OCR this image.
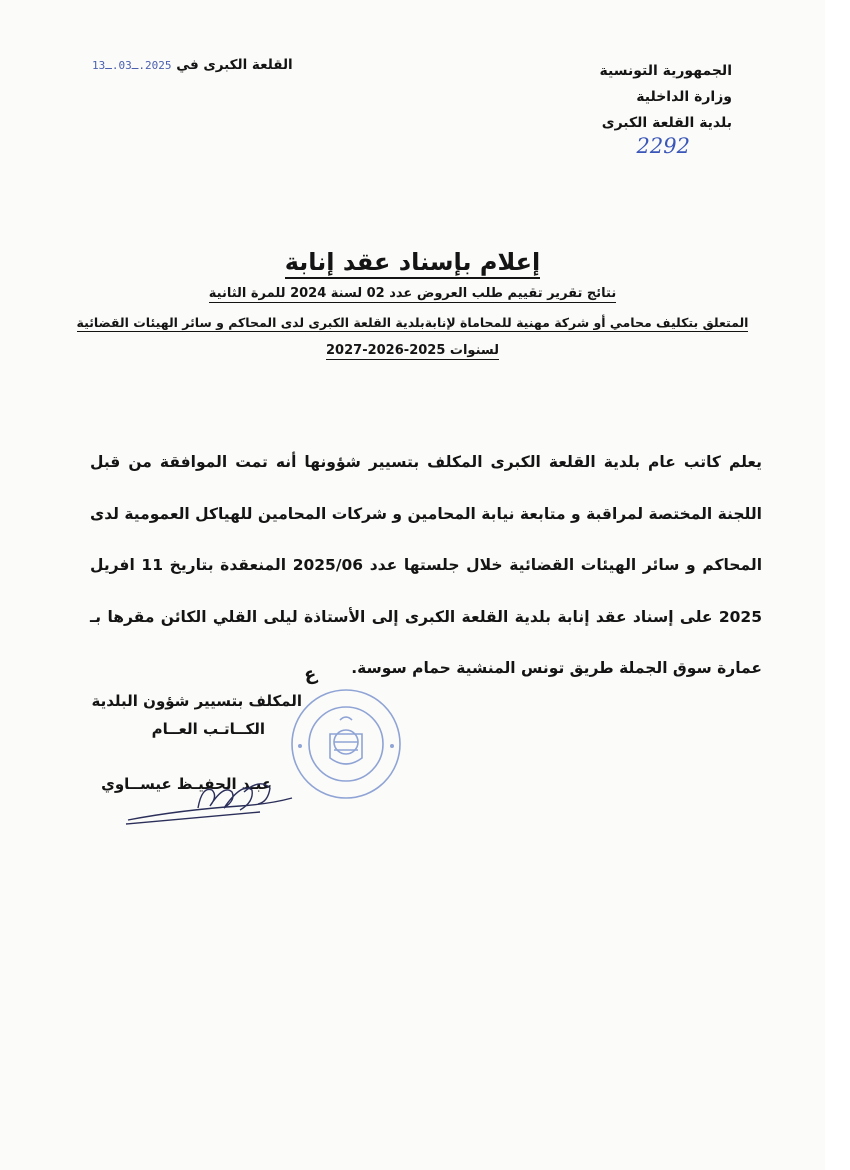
الجمهورية التونسية
وزارة الداخلية
بلدية القلعة الكبرى
2292
القلعة الكبرى في 2025.ـ03.ـ13
إعلام بإسناد عقد إنابة
نتائج تقرير تقييم طلب العروض عدد 02 لسنة 2024 للمرة الثانية
المتعلق بتكليف محامي أو شركة مهنية للمحاماة لإنابةبلدية القلعة الكبرى لدى المحاكم و سائر الهيئات القضائية
لسنوات 2025-2026-2027

يعلم كاتب عام بلدية القلعة الكبرى المكلف بتسيير شؤونها أنه تمت الموافقة من قبل اللجنة المختصة لمراقبة و متابعة نيابة المحامين و شركات المحامين للهياكل العمومية لدى المحاكم و سائر الهيئات القضائية خلال جلستها عدد 2025/06 المنعقدة بتاريخ 11 افريل 2025 على إسناد عقد إنابة بلدية القلعة الكبرى إلى الأستاذة ليلى القلي الكائن مقرها بـ عمارة سوق الجملة طريق تونس المنشية حمام سوسة.

ع
المكلف بتسيير شؤون البلدية
الكــاتـب العــام
عبـد الحفيـظ عيســاوي
